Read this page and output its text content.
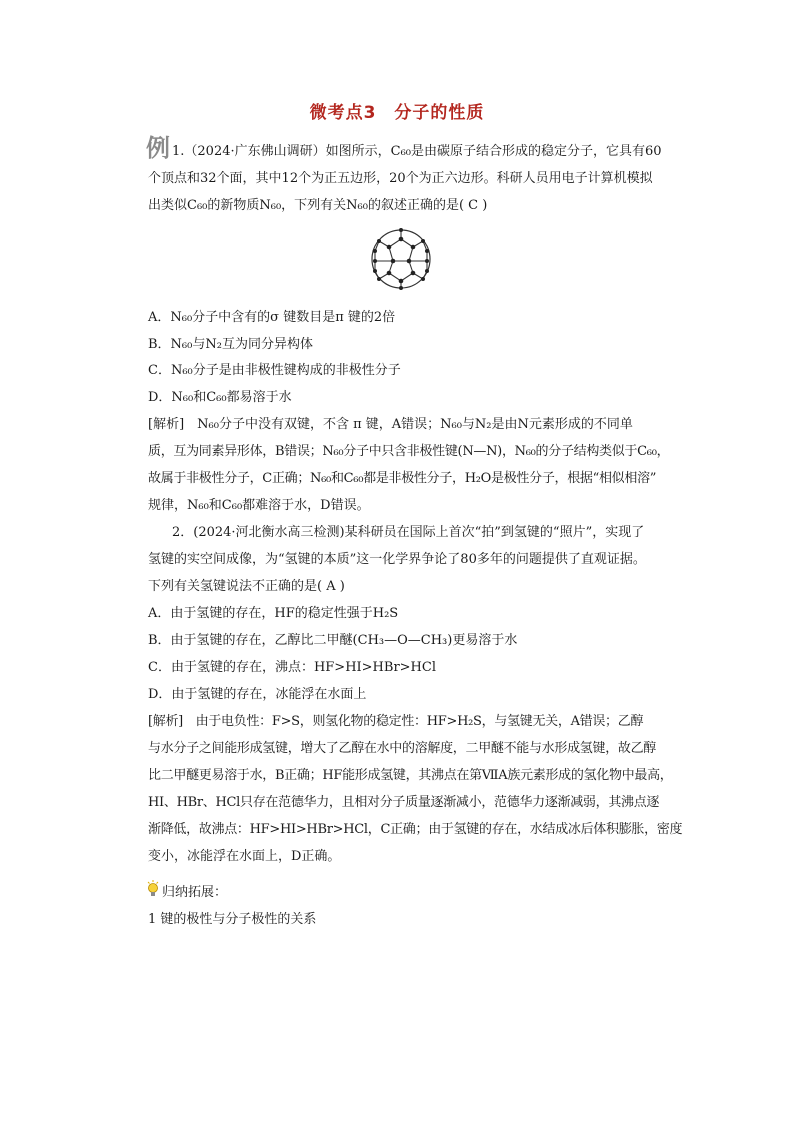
微考点3 分子的性质
例 1.（2024·广东佛山调研）如图所示，C₆₀是由碳原子结合形成的稳定分子，它具有60
个顶点和32个面，其中12个为正五边形，20个为正六边形。科研人员用电子计算机模拟
出类似C₆₀的新物质N₆₀，下列有关N₆₀的叙述正确的是( C )
A．N₆₀分子中含有的σ 键数目是π 键的2倍
B．N₆₀与N₂互为同分异构体
C．N₆₀分子是由非极性键构成的非极性分子
D．N₆₀和C₆₀都易溶于水
[解析]　N₆₀分子中没有双键，不含 π 键，A错误；N₆₀与N₂是由N元素形成的不同单
质，互为同素异形体，B错误；N₆₀分子中只含非极性键(N—N)，N₆₀的分子结构类似于C₆₀，
故属于非极性分子，C正确；N₆₀和C₆₀都是非极性分子，H₂O是极性分子，根据“相似相溶”
规律，N₆₀和C₆₀都难溶于水，D错误。
2．(2024·河北衡水高三检测)某科研员在国际上首次“拍”到氢键的“照片”，实现了
氢键的实空间成像，为“氢键的本质”这一化学界争论了80多年的问题提供了直观证据。
下列有关氢键说法不正确的是( A )
A．由于氢键的存在，HF的稳定性强于H₂S
B．由于氢键的存在，乙醇比二甲醚(CH₃—O—CH₃)更易溶于水
C．由于氢键的存在，沸点：HF>HI>HBr>HCl
D．由于氢键的存在，冰能浮在水面上
[解析]　由于电负性：F>S，则氢化物的稳定性：HF>H₂S，与氢键无关，A错误；乙醇
与水分子之间能形成氢键，增大了乙醇在水中的溶解度，二甲醚不能与水形成氢键，故乙醇
比二甲醚更易溶于水，B正确；HF能形成氢键，其沸点在第ⅦA族元素形成的氢化物中最高，
HI、HBr、HCl只存在范德华力，且相对分子质量逐渐减小，范德华力逐渐减弱，其沸点逐
渐降低，故沸点：HF>HI>HBr>HCl，C正确；由于氢键的存在，水结成冰后体积膨胀，密度
变小，冰能浮在水面上，D正确。
归纳拓展：
1 键的极性与分子极性的关系
